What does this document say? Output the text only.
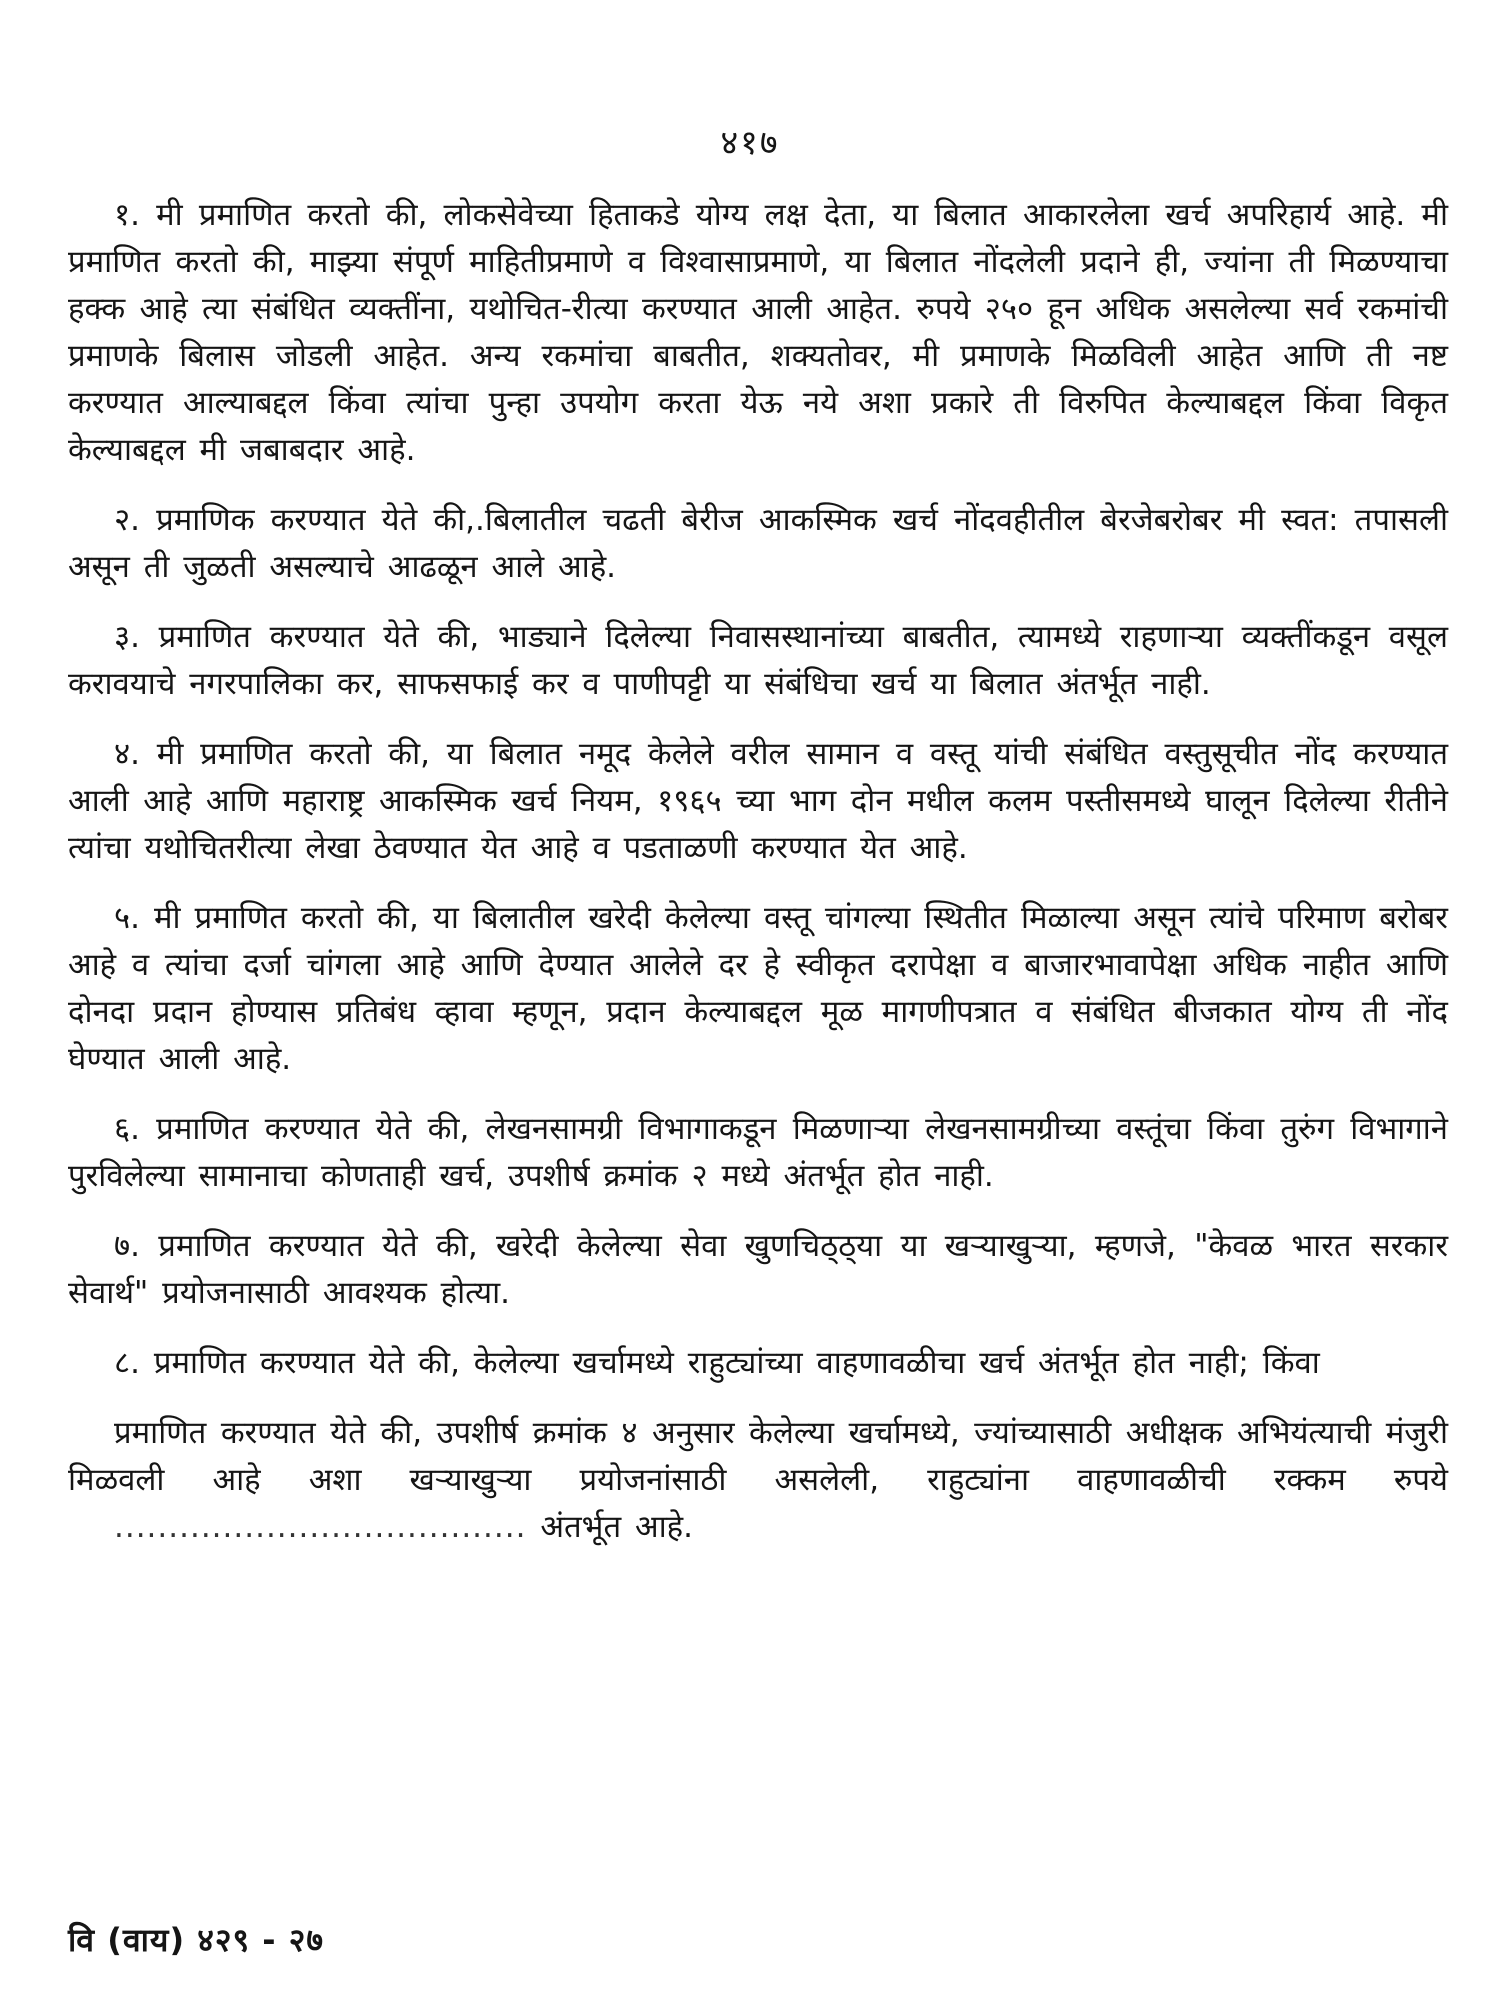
४१७

१. मी प्रमाणित करतो की, लोकसेवेच्या हिताकडे योग्य लक्ष देता, या बिलात आकारलेला खर्च अपरिहार्य आहे. मी प्रमाणित करतो की, माझ्या संपूर्ण माहितीप्रमाणे व विश्वासाप्रमाणे, या बिलात नोंदलेली प्रदाने ही, ज्यांना ती मिळण्याचा हक्क आहे त्या संबंधित व्यक्तींना, यथोचित-रीत्या करण्यात आली आहेत. रुपये २५० हून अधिक असलेल्या सर्व रकमांची प्रमाणके बिलास जोडली आहेत. अन्य रकमांचा बाबतीत, शक्यतोवर, मी प्रमाणके मिळविली आहेत आणि ती नष्ट करण्यात आल्याबद्दल किंवा त्यांचा पुन्हा उपयोग करता येऊ नये अशा प्रकारे ती विरुपित केल्याबद्दल किंवा विकृत केल्याबद्दल मी जबाबदार आहे.

२. प्रमाणिक करण्यात येते की,.बिलातील चढती बेरीज आकस्मिक खर्च नोंदवहीतील बेरजेबरोबर मी स्वत: तपासली असून ती जुळती असल्याचे आढळून आले आहे.

३. प्रमाणित करण्यात येते की, भाड्याने दिलेल्या निवासस्थानांच्या बाबतीत, त्यामध्ये राहणाऱ्या व्यक्तींकडून वसूल करावयाचे नगरपालिका कर, साफसफाई कर व पाणीपट्टी या संबंधिचा खर्च या बिलात अंतर्भूत नाही.

४. मी प्रमाणित करतो की, या बिलात नमूद केलेले वरील सामान व वस्तू यांची संबंधित वस्तुसूचीत नोंद करण्यात आली आहे आणि महाराष्ट्र आकस्मिक खर्च नियम, १९६५ च्या भाग दोन मधील कलम पस्तीसमध्ये घालून दिलेल्या रीतीने त्यांचा यथोचितरीत्या लेखा ठेवण्यात येत आहे व पडताळणी करण्यात येत आहे.

५. मी प्रमाणित करतो की, या बिलातील खरेदी केलेल्या वस्तू चांगल्या स्थितीत मिळाल्या असून त्यांचे परिमाण बरोबर आहे व त्यांचा दर्जा चांगला आहे आणि देण्यात आलेले दर हे स्वीकृत दरापेक्षा व बाजारभावापेक्षा अधिक नाहीत आणि दोनदा प्रदान होण्यास प्रतिबंध व्हावा म्हणून, प्रदान केल्याबद्दल मूळ मागणीपत्रात व संबंधित बीजकात योग्य ती नोंद घेण्यात आली आहे.

६. प्रमाणित करण्यात येते की, लेखनसामग्री विभागाकडून मिळणाऱ्या लेखनसामग्रीच्या वस्तूंचा किंवा तुरुंग विभागाने पुरविलेल्या सामानाचा कोणताही खर्च, उपशीर्ष क्रमांक २ मध्ये अंतर्भूत होत नाही.

७. प्रमाणित करण्यात येते की, खरेदी केलेल्या सेवा खुणचिठ्ठ्या या खऱ्याखुऱ्या, म्हणजे, "केवळ भारत सरकार सेवार्थ" प्रयोजनासाठी आवश्यक होत्या.

८. प्रमाणित करण्यात येते की, केलेल्या खर्चामध्ये राहुट्यांच्या वाहणावळीचा खर्च अंतर्भूत होत नाही; किंवा

प्रमाणित करण्यात येते की, उपशीर्ष क्रमांक ४ अनुसार केलेल्या खर्चामध्ये, ज्यांच्यासाठी अधीक्षक अभियंत्याची मंजुरी मिळवली आहे अशा खऱ्याखुऱ्या प्रयोजनांसाठी असलेली, राहुट्यांना वाहणावळीची रक्कम रुपये ...................................... अंतर्भूत आहे.

वि (वाय) ४२९ - २७
